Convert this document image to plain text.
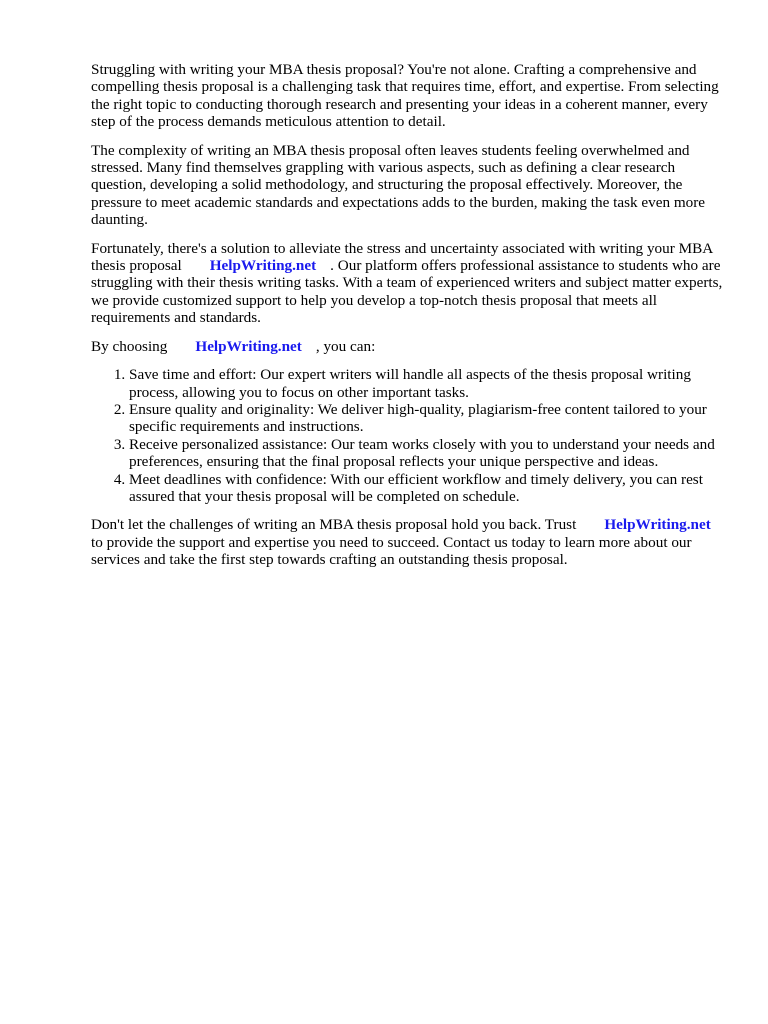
Struggling with writing your MBA thesis proposal? You're not alone. Crafting a comprehensive and compelling thesis proposal is a challenging task that requires time, effort, and expertise. From selecting the right topic to conducting thorough research and presenting your ideas in a coherent manner, every step of the process demands meticulous attention to detail.

The complexity of writing an MBA thesis proposal often leaves students feeling overwhelmed and stressed. Many find themselves grappling with various aspects, such as defining a clear research question, developing a solid methodology, and structuring the proposal effectively. Moreover, the pressure to meet academic standards and expectations adds to the burden, making the task even more daunting.

Fortunately, there's a solution to alleviate the stress and uncertainty associated with writing your MBA thesis proposal HelpWriting.net . Our platform offers professional assistance to students who are struggling with their thesis writing tasks. With a team of experienced writers and subject matter experts, we provide customized support to help you develop a top-notch thesis proposal that meets all requirements and standards.

By choosing HelpWriting.net , you can:

1. Save time and effort: Our expert writers will handle all aspects of the thesis proposal writing process, allowing you to focus on other important tasks.
2. Ensure quality and originality: We deliver high-quality, plagiarism-free content tailored to your specific requirements and instructions.
3. Receive personalized assistance: Our team works closely with you to understand your needs and preferences, ensuring that the final proposal reflects your unique perspective and ideas.
4. Meet deadlines with confidence: With our efficient workflow and timely delivery, you can rest assured that your thesis proposal will be completed on schedule.

Don't let the challenges of writing an MBA thesis proposal hold you back. Trust HelpWriting.netto provide the support and expertise you need to succeed. Contact us today to learn more about our services and take the first step towards crafting an outstanding thesis proposal.
